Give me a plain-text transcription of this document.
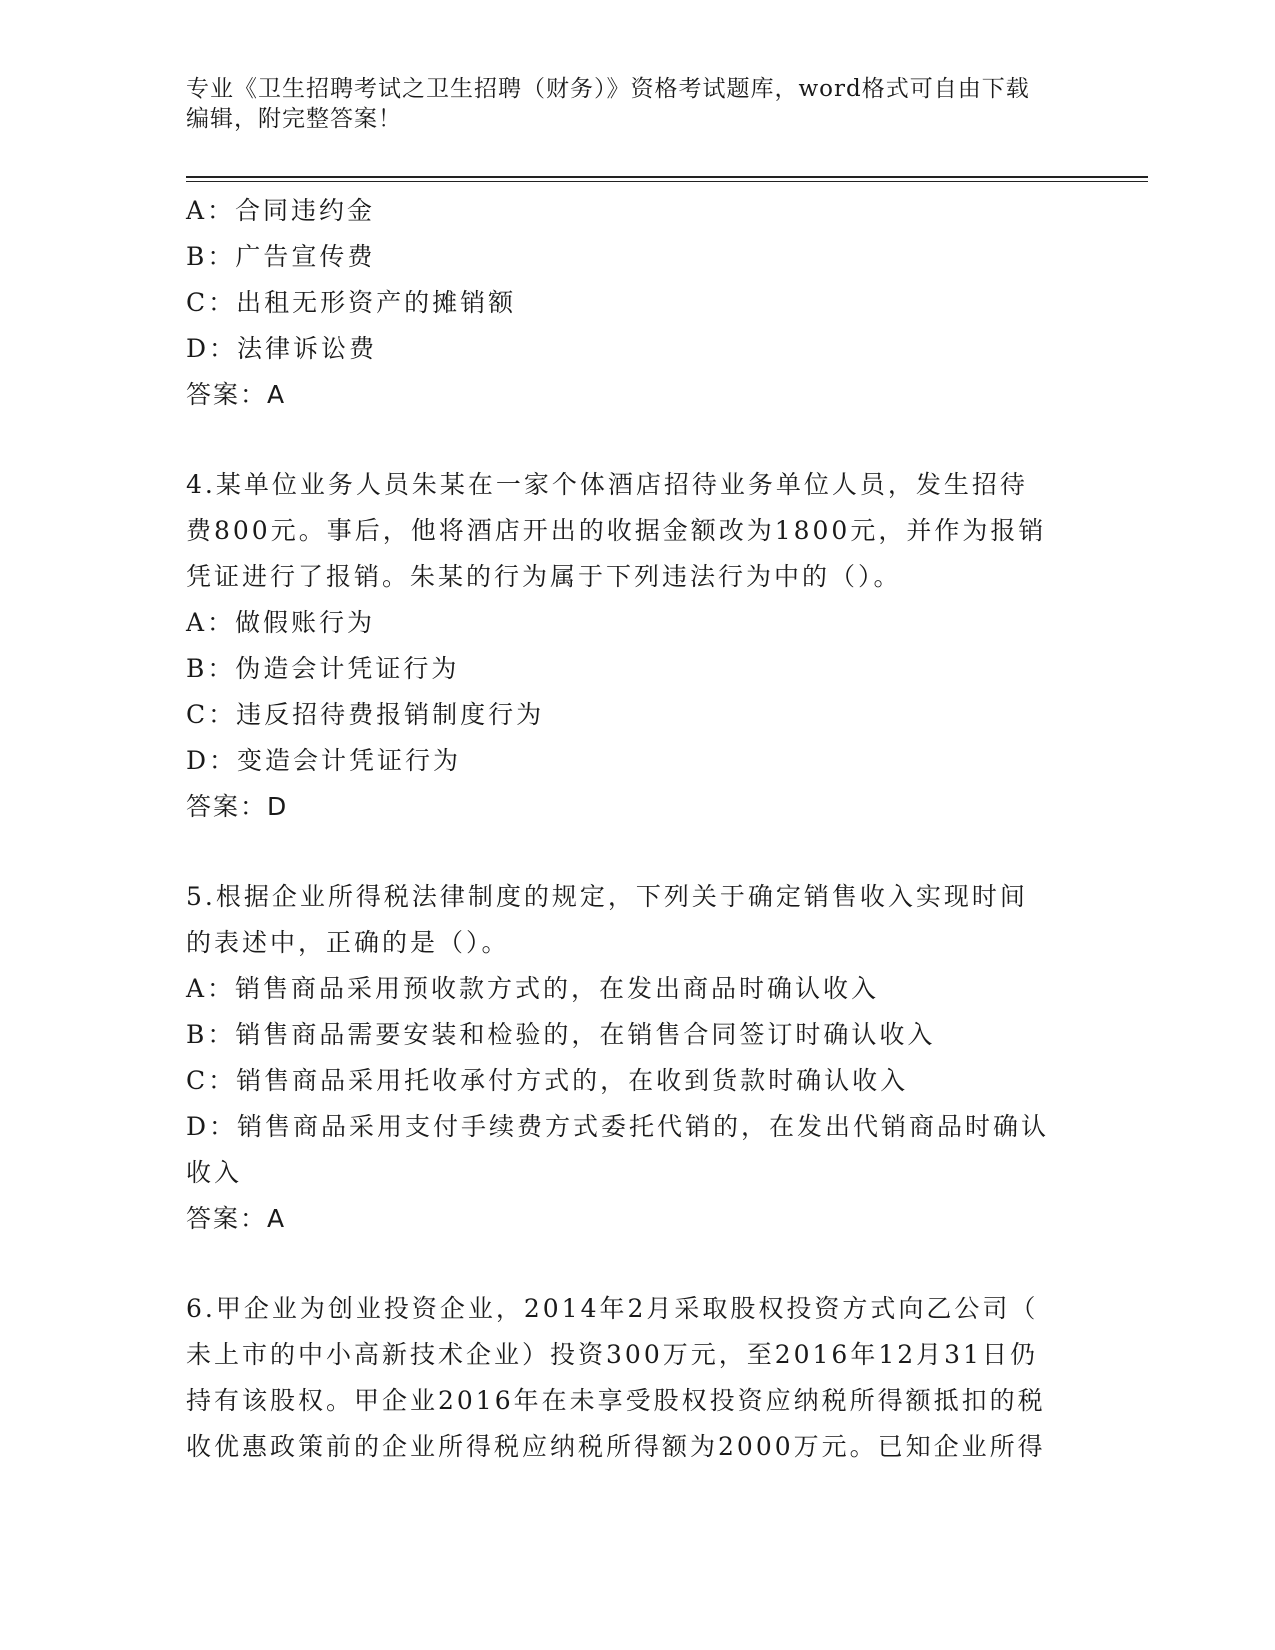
专业《卫生招聘考试之卫生招聘（财务）》资格考试题库，word格式可自由下载
编辑，附完整答案！
A：合同违约金
B：广告宣传费
C：出租无形资产的摊销额
D：法律诉讼费
答案：A
4.某单位业务人员朱某在一家个体酒店招待业务单位人员，发生招待
费800元。事后，他将酒店开出的收据金额改为1800元，并作为报销
凭证进行了报销。朱某的行为属于下列违法行为中的（）。
A：做假账行为
B：伪造会计凭证行为
C：违反招待费报销制度行为
D：变造会计凭证行为
答案：D
5.根据企业所得税法律制度的规定，下列关于确定销售收入实现时间
的表述中，正确的是（）。
A：销售商品采用预收款方式的，在发出商品时确认收入
B：销售商品需要安装和检验的，在销售合同签订时确认收入
C：销售商品采用托收承付方式的，在收到货款时确认收入
D：销售商品采用支付手续费方式委托代销的，在发出代销商品时确认
收入
答案：A
6.甲企业为创业投资企业，2014年2月采取股权投资方式向乙公司（
未上市的中小高新技术企业）投资300万元，至2016年12月31日仍
持有该股权。甲企业2016年在未享受股权投资应纳税所得额抵扣的税
收优惠政策前的企业所得税应纳税所得额为2000万元。已知企业所得
